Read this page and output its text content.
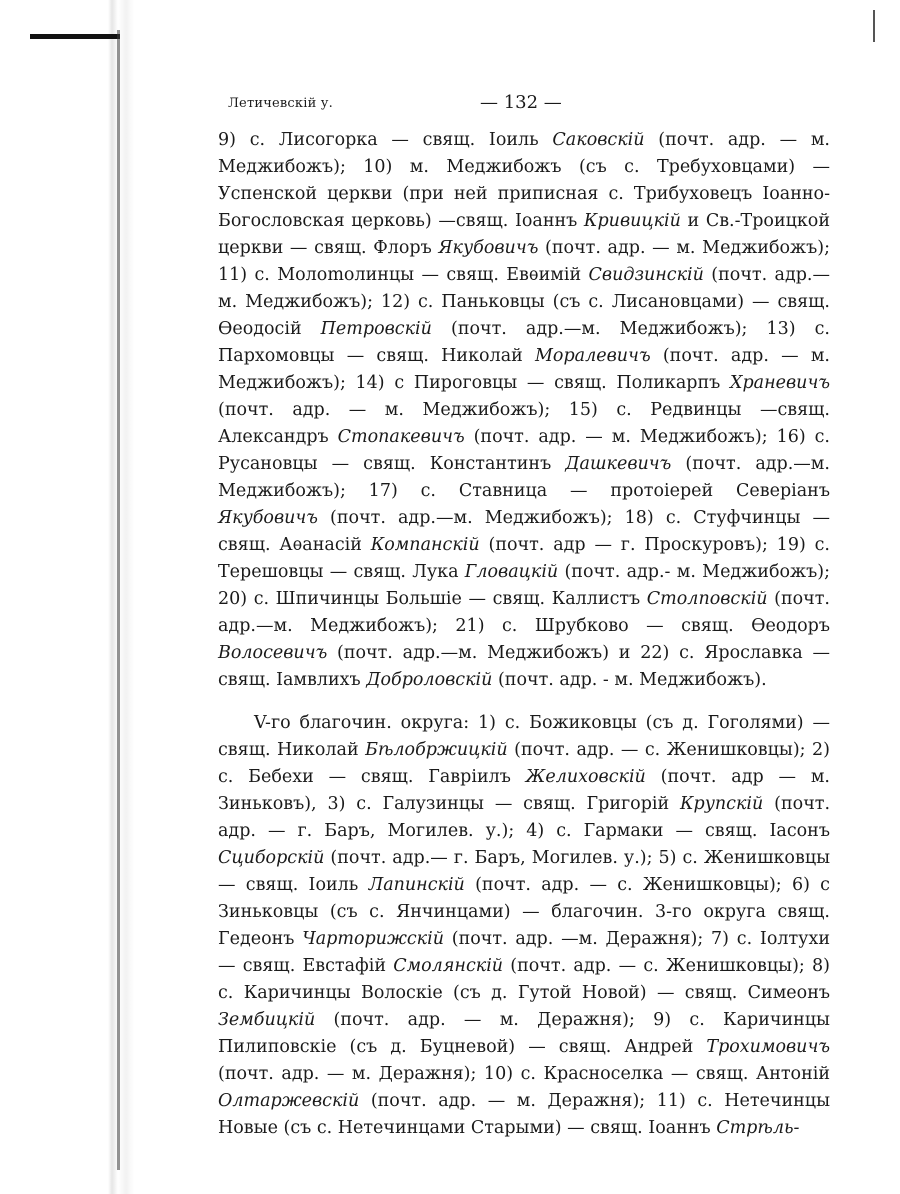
Летичевскій у.	— 132 —

9) с. Лисогорка — свящ. Іоиль Саковскій (почт. адр. — м. Меджибожъ); 10) м. Меджибожъ (съ с. Требуховцами) — Успенской церкви (при ней приписная с. Трибуховецъ Іоанно-Богословская церковь) —свящ. Іоаннъ Кривицкій и Св.-Троицкой церкви — свящ. Флоръ Якубовичъ (почт. адр. — м. Меджибожъ); 11) с. Молоmолинцы — свящ. Евѳимій Свидзинскій (почт. адр.—м. Меджибожъ); 12) с. Паньковцы (съ с. Лисановцами) — свящ. Ѳеодосій Петровскій (почт. адр.—м. Меджибожъ); 13) с. Пархомовцы — свящ. Николай Моралевичъ (почт. адр. — м. Меджибожъ); 14) с Пироговцы — свящ. Поликарпъ Храневичъ (почт. адр. — м. Меджибожъ); 15) с. Редвинцы —свящ. Александръ Стопакевичъ (почт. адр. — м. Меджибожъ); 16) с. Русановцы — свящ. Константинъ Дашкевичъ (почт. адр.—м. Меджибожъ); 17) с. Ставница — протоіерей Северіанъ Якубовичъ (почт. адр.—м. Меджибожъ); 18) с. Стуфчинцы — свящ. Аѳанасій Компанскій (почт. адр — г. Проскуровъ); 19) с. Терешовцы — свящ. Лука Гловацкій (почт. адр.- м. Меджибожъ); 20) с. Шпичинцы Большіе — свящ. Каллистъ Столповскій (почт. адр.—м. Меджибожъ); 21) с. Шрубково — свящ. Ѳеодоръ Волосевичъ (почт. адр.—м. Меджибожъ) и 22) с. Ярославка — свящ. Іамвлихъ Доброловскій (почт. адр. - м. Меджибожъ).

V-го благочин. округа: 1) с. Божиковцы (съ д. Гоголями) — свящ. Николай Бѣлобржицкій (почт. адр. — с. Женишковцы); 2) с. Бебехи — свящ. Гавріилъ Желиховскій (почт. адр — м. Зиньковъ), 3) с. Галузинцы — свящ. Григорій Крупскій (почт. адр. — г. Баръ, Могилев. у.); 4) с. Гармаки — свящ. Іасонъ Сциборскій (почт. адр.— г. Баръ, Могилев. у.); 5) с. Женишковцы — свящ. Іоиль Лапинскій (почт. адр. — с. Женишковцы); 6) с Зиньковцы (съ с. Янчинцами) — благочин. 3-го округа свящ. Гедеонъ Чарторижскій (почт. адр. —м. Деражня); 7) с. Іолтухи — свящ. Евстафій Смолянскій (почт. адр. — с. Женишковцы); 8) с. Каричинцы Волоскіе (съ д. Гутой Новой) — свящ. Симеонъ Зембицкій (почт. адр. — м. Деражня); 9) с. Каричинцы Пилиповскіе (съ д. Буцневой) — свящ. Андрей Трохимовичъ (почт. адр. — м. Деражня); 10) с. Красноселка — свящ. Антоній Олтаржевскій (почт. адр. — м. Деражня); 11) с. Нетечинцы Новые (съ с. Нетечинцами Старыми) — свящ. Іоаннъ Стрѣль-
